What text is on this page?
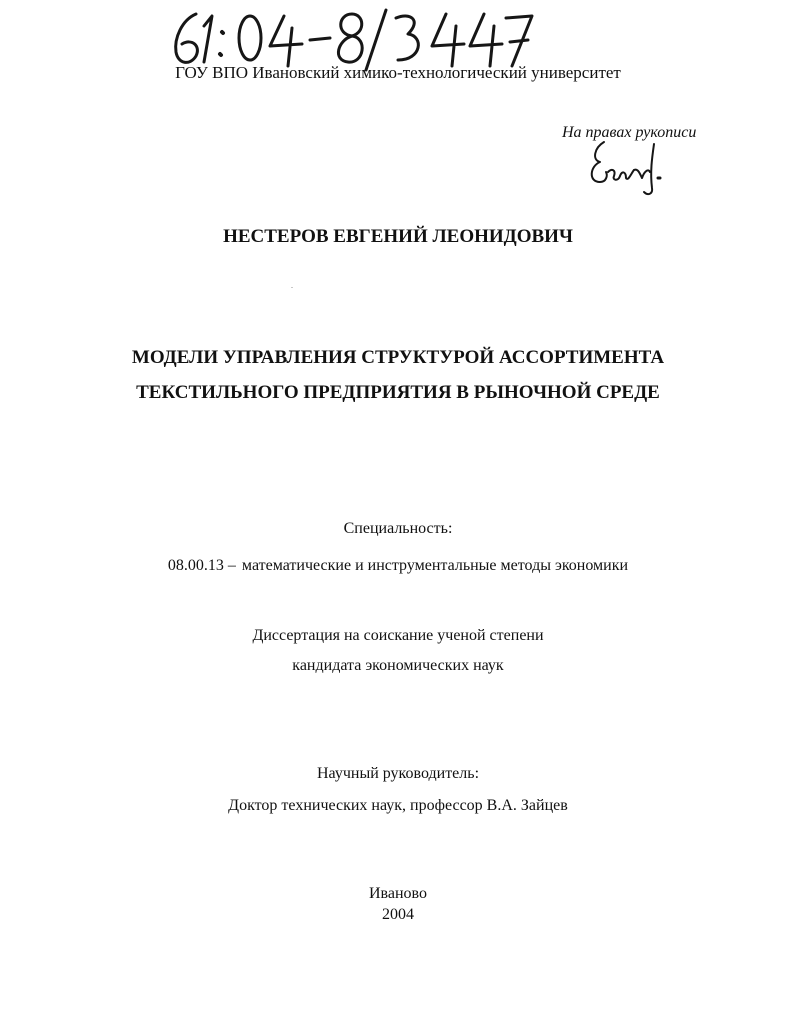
ГОУ ВПО Ивановский химико-технологический университет
На правах рукописи
НЕСТЕРОВ ЕВГЕНИЙ ЛЕОНИДОВИЧ
МОДЕЛИ УПРАВЛЕНИЯ СТРУКТУРОЙ АССОРТИМЕНТА
ТЕКСТИЛЬНОГО ПРЕДПРИЯТИЯ В РЫНОЧНОЙ СРЕДЕ
Специальность:
08.00.13 – математические и инструментальные методы экономики
Диссертация на соискание ученой степени
кандидата экономических наук
Научный руководитель:
Доктор технических наук, профессор В.А. Зайцев
Иваново
2004
